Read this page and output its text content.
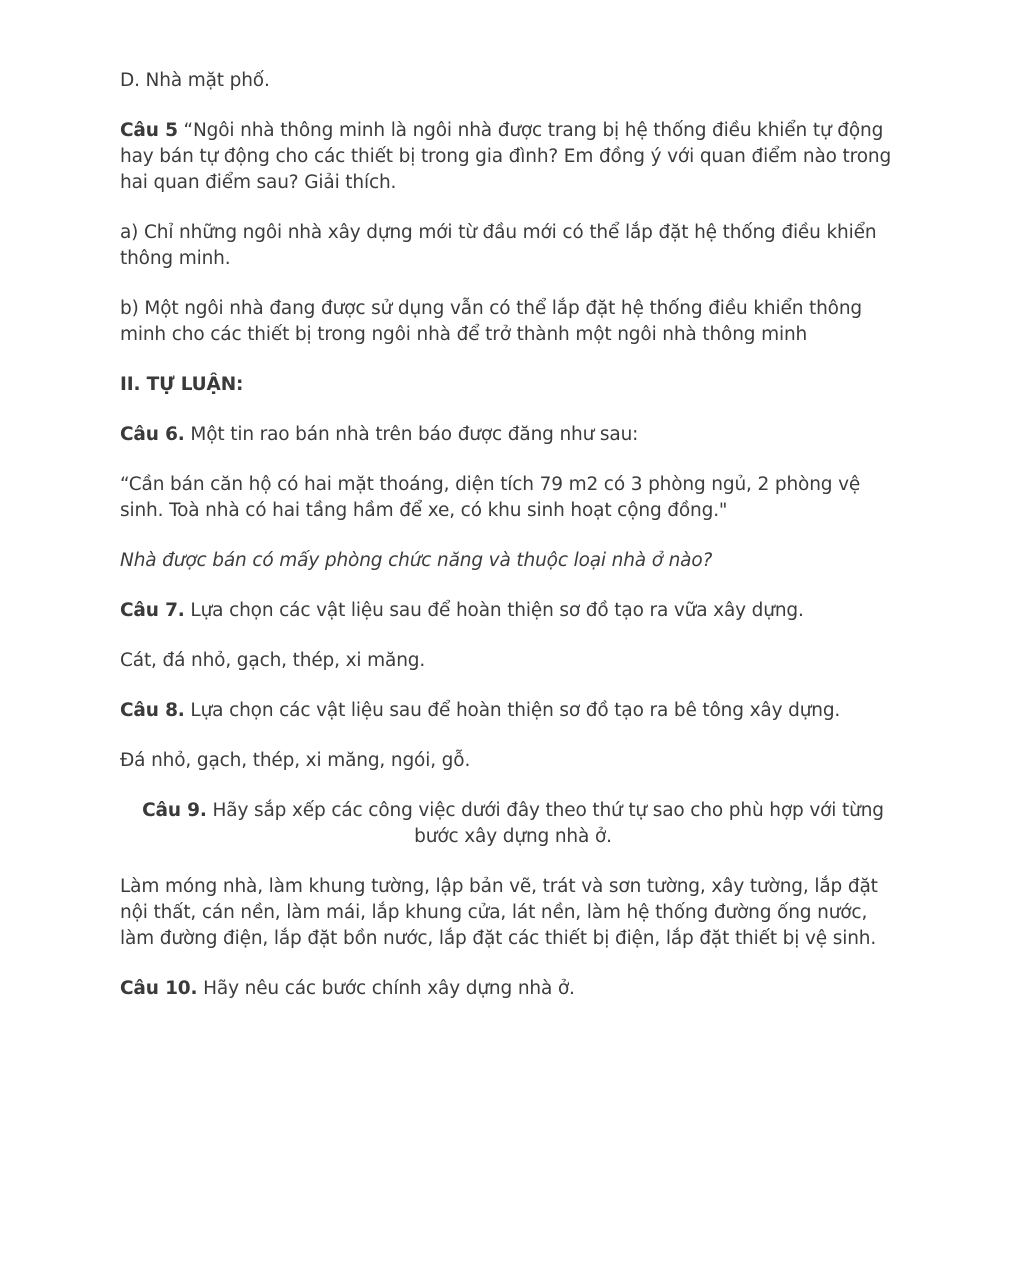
D. Nhà mặt phố.

Câu 5 “Ngôi nhà thông minh là ngôi nhà được trang bị hệ thống điều khiển tự động hay bán tự động cho các thiết bị trong gia đình? Em đồng ý với quan điểm nào trong hai quan điểm sau? Giải thích.

a) Chỉ những ngôi nhà xây dựng mới từ đầu mới có thể lắp đặt hệ thống điều khiển thông minh.

b) Một ngôi nhà đang được sử dụng vẫn có thể lắp đặt hệ thống điều khiển thông minh cho các thiết bị trong ngôi nhà để trở thành một ngôi nhà thông minh

II. TỰ LUẬN:

Câu 6. Một tin rao bán nhà trên báo được đăng như sau:

“Cần bán căn hộ có hai mặt thoáng, diện tích 79 m2 có 3 phòng ngủ, 2 phòng vệ sinh. Toà nhà có hai tầng hầm để xe, có khu sinh hoạt cộng đồng."

Nhà được bán có mấy phòng chức năng và thuộc loại nhà ở nào?

Câu 7. Lựa chọn các vật liệu sau để hoàn thiện sơ đồ tạo ra vữa xây dựng.

Cát, đá nhỏ, gạch, thép, xi măng.

Câu 8. Lựa chọn các vật liệu sau để hoàn thiện sơ đồ tạo ra bê tông xây dựng.

Đá nhỏ, gạch, thép, xi măng, ngói, gỗ.

Câu 9. Hãy sắp xếp các công việc dưới đây theo thứ tự sao cho phù hợp với từng bước xây dựng nhà ở.

Làm móng nhà, làm khung tường, lập bản vẽ, trát và sơn tường, xây tường, lắp đặt nội thất, cán nền, làm mái, lắp khung cửa, lát nền, làm hệ thống đường ống nước, làm đường điện, lắp đặt bồn nước, lắp đặt các thiết bị điện, lắp đặt thiết bị vệ sinh.

Câu 10. Hãy nêu các bước chính xây dựng nhà ở.
